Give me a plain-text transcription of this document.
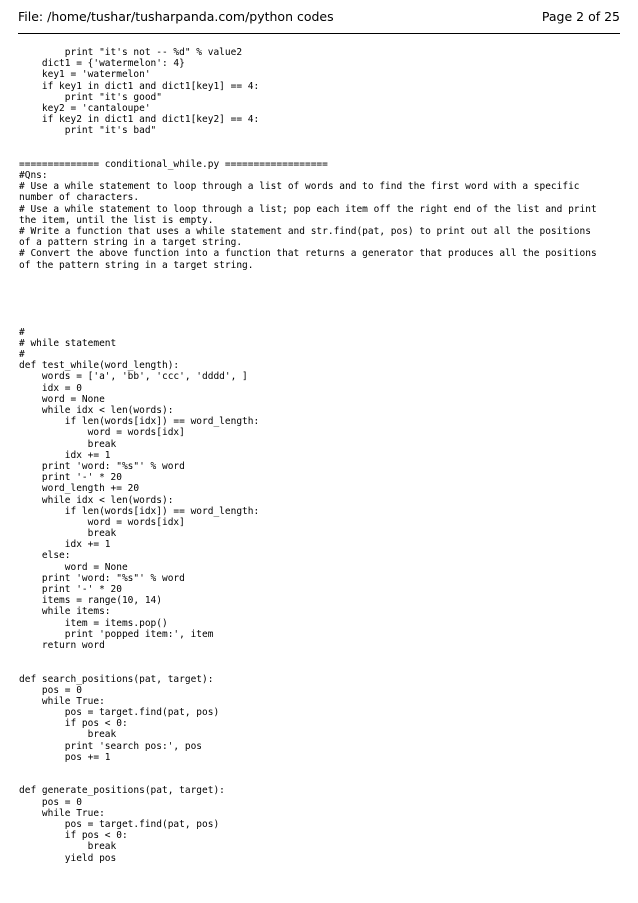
File: /home/tushar/tusharpanda.com/python codes	Page 2 of 25
print "it's not -- %d" % value2
dict1 = {'watermelon': 4}
key1 = 'watermelon'
if key1 in dict1 and dict1[key1] == 4:
print "it's good"
key2 = 'cantaloupe'
if key2 in dict1 and dict1[key2] == 4:
print "it's bad"
============== conditional_while.py ==================
#Qns:
# Use a while statement to loop through a list of words and to find the first word with a specific
number of characters.
# Use a while statement to loop through a list; pop each item off the right end of the list and print
the item, until the list is empty.
# Write a function that uses a while statement and str.find(pat, pos) to print out all the positions
of a pattern string in a target string.
# Convert the above function into a function that returns a generator that produces all the positions
of the pattern string in a target string.
#
# while statement
#
def test_while(word_length):
words = ['a', 'bb', 'ccc', 'dddd', ]
idx = 0
word = None
while idx < len(words):
if len(words[idx]) == word_length:
word = words[idx]
break
idx += 1
print 'word: "%s"' % word
print '-' * 20
word_length += 20
while idx < len(words):
if len(words[idx]) == word_length:
word = words[idx]
break
idx += 1
else:
word = None
print 'word: "%s"' % word
print '-' * 20
items = range(10, 14)
while items:
item = items.pop()
print 'popped item:', item
return word
def search_positions(pat, target):
pos = 0
while True:
pos = target.find(pat, pos)
if pos < 0:
break
print 'search pos:', pos
pos += 1
def generate_positions(pat, target):
pos = 0
while True:
pos = target.find(pat, pos)
if pos < 0:
break
yield pos
